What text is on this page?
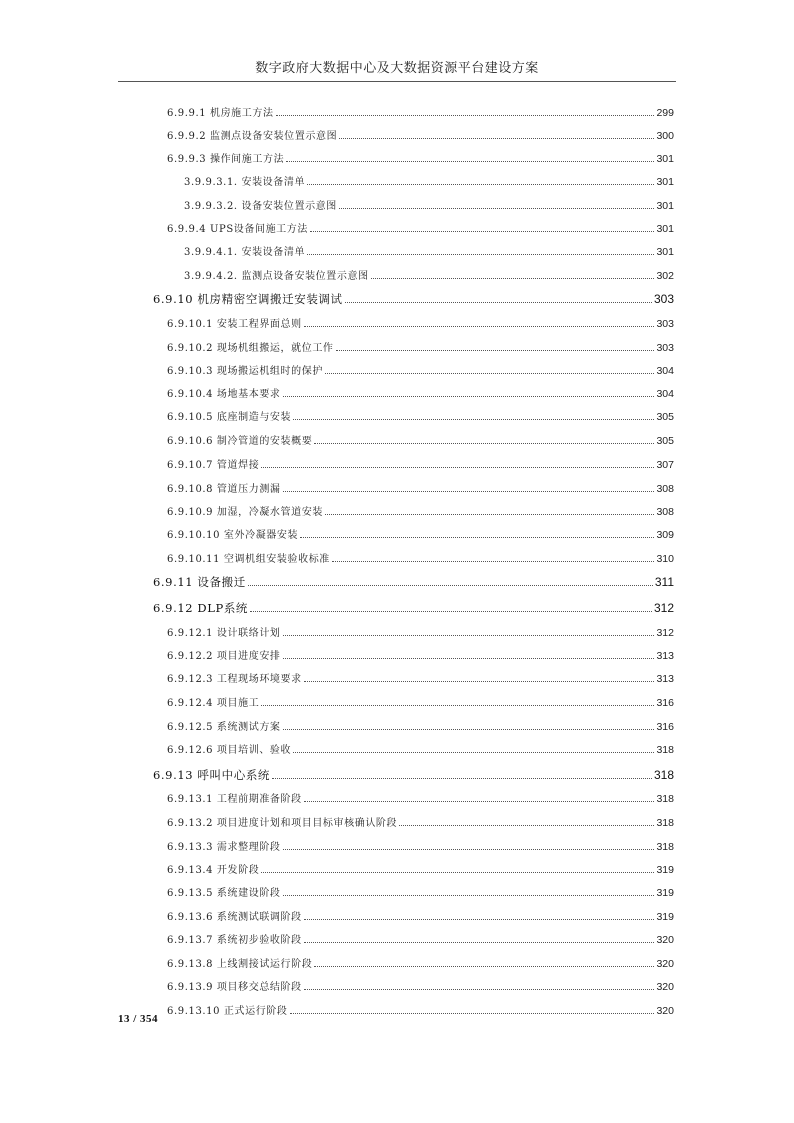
数字政府大数据中心及大数据资源平台建设方案
6.9.9.1 机房施工方法	299
6.9.9.2 监测点设备安装位置示意图	300
6.9.9.3 操作间施工方法	301
3.9.9.3.1. 安装设备清单	301
3.9.9.3.2. 设备安装位置示意图	301
6.9.9.4 UPS设备间施工方法	301
3.9.9.4.1. 安装设备清单	301
3.9.9.4.2. 监测点设备安装位置示意图	302
6.9.10 机房精密空调搬迁安装调试	303
6.9.10.1 安装工程界面总则	303
6.9.10.2 现场机组搬运，就位工作	303
6.9.10.3 现场搬运机组时的保护	304
6.9.10.4 场地基本要求	304
6.9.10.5 底座制造与安装	305
6.9.10.6 制冷管道的安装概要	305
6.9.10.7 管道焊接	307
6.9.10.8 管道压力测漏	308
6.9.10.9 加湿，冷凝水管道安装	308
6.9.10.10 室外冷凝器安装	309
6.9.10.11 空调机组安装验收标准	310
6.9.11 设备搬迁	311
6.9.12 DLP系统	312
6.9.12.1 设计联络计划	312
6.9.12.2 项目进度安排	313
6.9.12.3 工程现场环境要求	313
6.9.12.4 项目施工	316
6.9.12.5 系统测试方案	316
6.9.12.6 项目培训、验收	318
6.9.13 呼叫中心系统	318
6.9.13.1 工程前期准备阶段	318
6.9.13.2 项目进度计划和项目目标审核确认阶段	318
6.9.13.3 需求整理阶段	318
6.9.13.4 开发阶段	319
6.9.13.5 系统建设阶段	319
6.9.13.6 系统测试联调阶段	319
6.9.13.7 系统初步验收阶段	320
6.9.13.8 上线割接试运行阶段	320
6.9.13.9 项目移交总结阶段	320
6.9.13.10 正式运行阶段	320
13 / 354
